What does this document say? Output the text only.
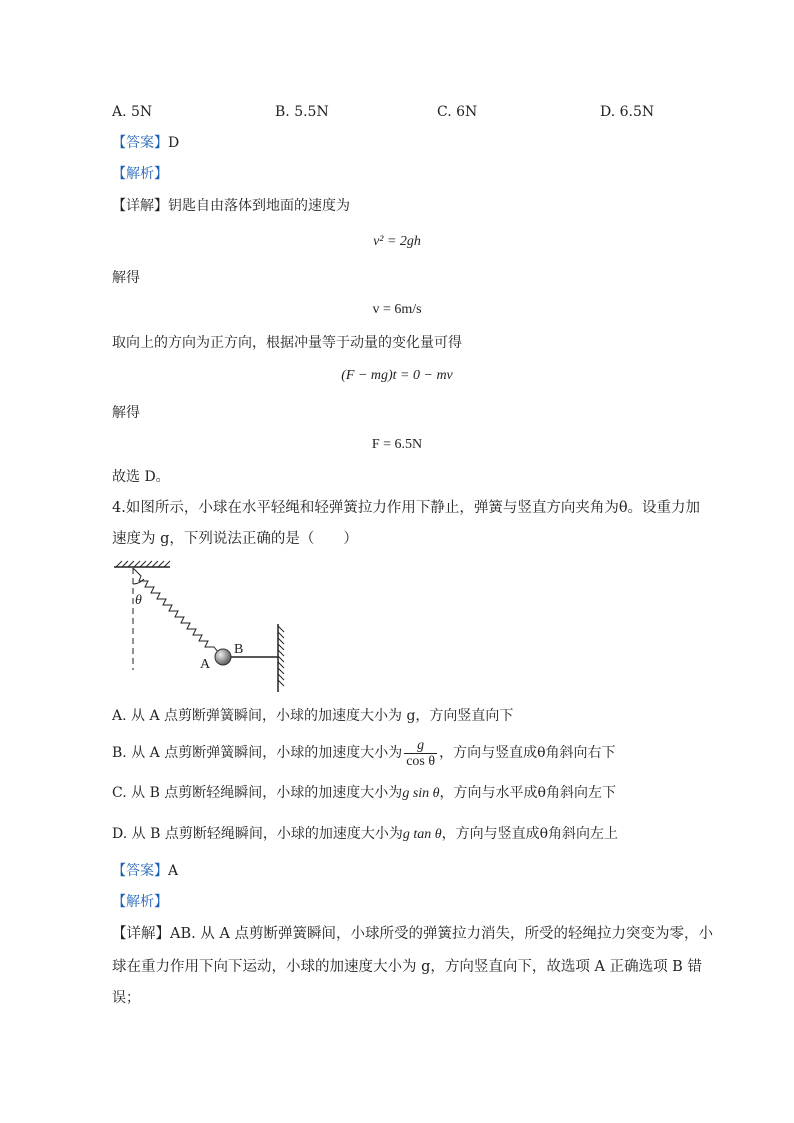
A. 5N	B. 5.5N	C. 6N	D. 6.5N
【答案】D
【解析】
【详解】钥匙自由落体到地面的速度为
v² = 2gh
解得
v = 6m/s
取向上的方向为正方向，根据冲量等于动量的变化量可得
(F − mg)t = 0 − mv
解得
F = 6.5N
故选 D。
4.如图所示，小球在水平轻绳和轻弹簧拉力作用下静止，弹簧与竖直方向夹角为θ。设重力加
速度为 g，下列说法正确的是（　　）
θ
A
B
A. 从 A 点剪断弹簧瞬间，小球的加速度大小为 g，方向竖直向下
B. 从 A 点剪断弹簧瞬间，小球的加速度大小为 $\frac{g}{\text{cos θ}}$ ，方向与竖直成θ角斜向右下
C. 从 B 点剪断轻绳瞬间，小球的加速度大小为g sin θ，方向与水平成θ角斜向左下
D. 从 B 点剪断轻绳瞬间，小球的加速度大小为g tan θ，方向与竖直成θ角斜向左上
【答案】A
【解析】
【详解】AB. 从 A 点剪断弹簧瞬间，小球所受的弹簧拉力消失，所受的轻绳拉力突变为零，小
球在重力作用下向下运动，小球的加速度大小为 g，方向竖直向下，故选项 A 正确选项 B 错
误；
